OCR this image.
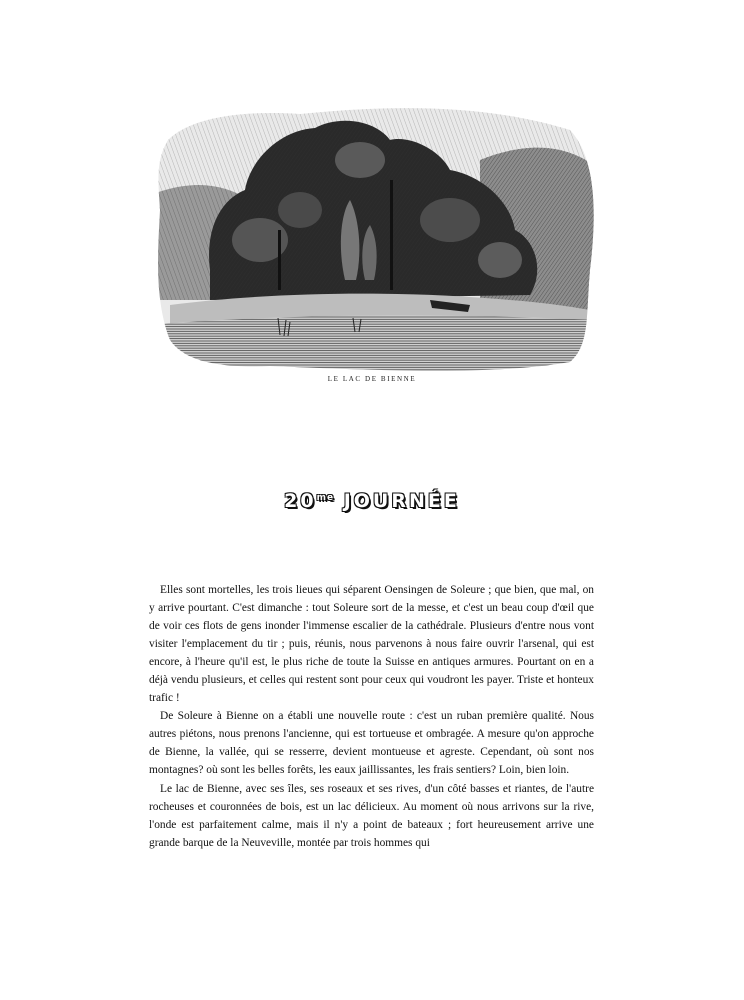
LE LAC DE BIENNE
$20^{me}$ JOURNÉE

Elles sont mortelles, les trois lieues qui séparent Oensingen de Soleure ; que bien, que mal, on y arrive pourtant. C'est dimanche : tout Soleure sort de la messe, et c'est un beau coup d'œil que de voir ces flots de gens inonder l'immense escalier de la cathédrale. Plusieurs d'entre nous vont visiter l'emplacement du tir ; puis, réunis, nous parvenons à nous faire ouvrir l'arsenal, qui est encore, à l'heure qu'il est, le plus riche de toute la Suisse en antiques armures. Pourtant on en a déjà vendu plusieurs, et celles qui restent sont pour ceux qui voudront les payer. Triste et honteux trafic !

De Soleure à Bienne on a établi une nouvelle route : c'est un ruban première qualité. Nous autres piétons, nous prenons l'ancienne, qui est tortueuse et ombragée. A mesure qu'on approche de Bienne, la vallée, qui se resserre, devient montueuse et agreste. Cependant, où sont nos montagnes? où sont les belles forêts, les eaux jaillissantes, les frais sentiers? Loin, bien loin.

Le lac de Bienne, avec ses îles, ses roseaux et ses rives, d'un côté basses et riantes, de l'autre rocheuses et couronnées de bois, est un lac délicieux. Au moment où nous arrivons sur la rive, l'onde est parfaitement calme, mais il n'y a point de bateaux ; fort heureusement arrive une grande barque de la Neuveville, montée par trois hommes qui
